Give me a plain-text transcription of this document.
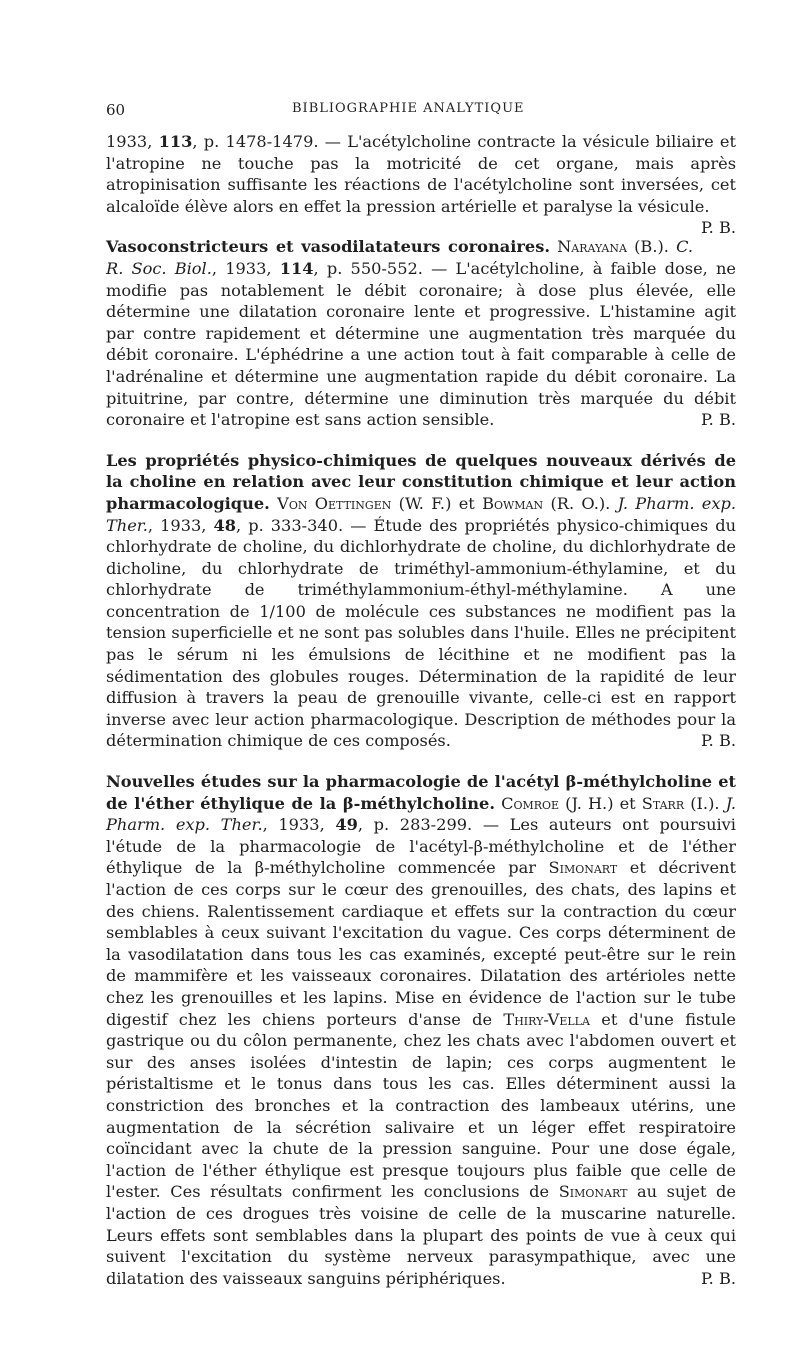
60	BIBLIOGRAPHIE ANALYTIQUE

1933, 113, p. 1478-1479. — L'acétylcholine contracte la vésicule biliaire et l'atropine ne touche pas la motricité de cet organe, mais après atropinisation suffisante les réactions de l'acétylcholine sont inversées, cet alcaloïde élève alors en effet la pression artérielle et paralyse la vésicule.
P. B.

Vasoconstricteurs et vasodilatateurs coronaires. Narayana (B.). C. R. Soc. Biol., 1933, 114, p. 550-552. — L'acétylcholine, à faible dose, ne modifie pas notablement le débit coronaire; à dose plus élevée, elle détermine une dilatation coronaire lente et progressive. L'histamine agit par contre rapidement et détermine une augmentation très marquée du débit coronaire. L'éphédrine a une action tout à fait comparable à celle de l'adrénaline et détermine une augmentation rapide du débit coronaire. La pituitrine, par contre, détermine une diminution très marquée du débit coronaire et l'atropine est sans action sensible.	P. B.

Les propriétés physico-chimiques de quelques nouveaux dérivés de la choline en relation avec leur constitution chimique et leur action pharmacologique. Von Oettingen (W. F.) et Bowman (R. O.). J. Pharm. exp. Ther., 1933, 48, p. 333-340. — Étude des propriétés physico-chimiques du chlorhydrate de choline, du dichlorhydrate de choline, du dichlorhydrate de dicholine, du chlorhydrate de triméthyl-ammonium-éthylamine, et du chlorhydrate de triméthylammonium-éthyl-méthylamine. A une concentration de 1/100 de molécule ces substances ne modifient pas la tension superficielle et ne sont pas solubles dans l'huile. Elles ne précipitent pas le sérum ni les émulsions de lécithine et ne modifient pas la sédimentation des globules rouges. Détermination de la rapidité de leur diffusion à travers la peau de grenouille vivante, celle-ci est en rapport inverse avec leur action pharmacologique. Description de méthodes pour la détermination chimique de ces composés.	P. B.

Nouvelles études sur la pharmacologie de l'acétyl β-méthylcholine et de l'éther éthylique de la β-méthylcholine. Comroe (J. H.) et Starr (I.). J. Pharm. exp. Ther., 1933, 49, p. 283-299. — Les auteurs ont poursuivi l'étude de la pharmacologie de l'acétyl-β-méthylcholine et de l'éther éthylique de la β-méthylcholine commencée par Simonart et décrivent l'action de ces corps sur le cœur des grenouilles, des chats, des lapins et des chiens. Ralentissement cardiaque et effets sur la contraction du cœur semblables à ceux suivant l'excitation du vague. Ces corps déterminent de la vasodilatation dans tous les cas examinés, excepté peut-être sur le rein de mammifère et les vaisseaux coronaires. Dilatation des artérioles nette chez les grenouilles et les lapins. Mise en évidence de l'action sur le tube digestif chez les chiens porteurs d'anse de Thiry-Vella et d'une fistule gastrique ou du côlon permanente, chez les chats avec l'abdomen ouvert et sur des anses isolées d'intestin de lapin; ces corps augmentent le péristaltisme et le tonus dans tous les cas. Elles déterminent aussi la constriction des bronches et la contraction des lambeaux utérins, une augmentation de la sécrétion salivaire et un léger effet respiratoire coïncidant avec la chute de la pression sanguine. Pour une dose égale, l'action de l'éther éthylique est presque toujours plus faible que celle de l'ester. Ces résultats confirment les conclusions de Simonart au sujet de l'action de ces drogues très voisine de celle de la muscarine naturelle. Leurs effets sont semblables dans la plupart des points de vue à ceux qui suivent l'excitation du système nerveux parasympathique, avec une dilatation des vaisseaux sanguins périphériques.	P. B.
